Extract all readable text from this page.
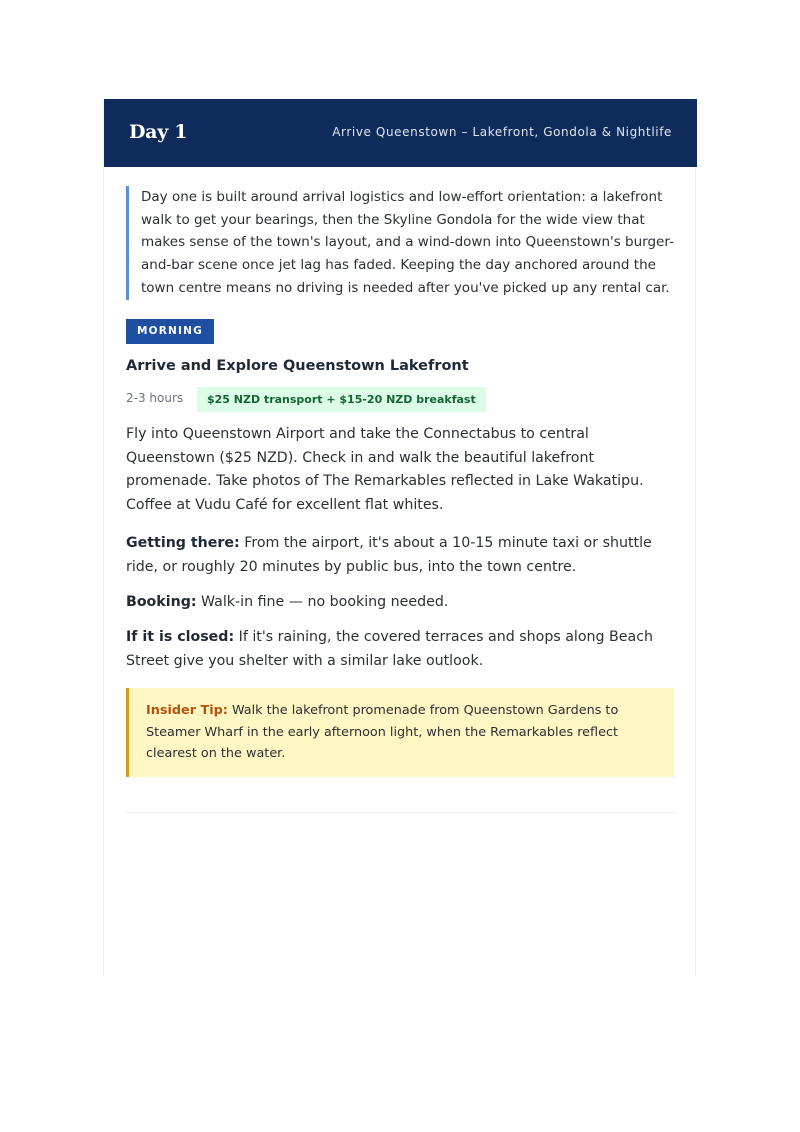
Day 1	Arrive Queenstown – Lakefront, Gondola & Nightlife
Day one is built around arrival logistics and low-effort orientation: a lakefront walk to get your bearings, then the Skyline Gondola for the wide view that makes sense of the town's layout, and a wind-down into Queenstown's burger-and-bar scene once jet lag has faded. Keeping the day anchored around the town centre means no driving is needed after you've picked up any rental car.
MORNING
Arrive and Explore Queenstown Lakefront
2-3 hours	$25 NZD transport + $15-20 NZD breakfast
Fly into Queenstown Airport and take the Connectabus to central Queenstown ($25 NZD). Check in and walk the beautiful lakefront promenade. Take photos of The Remarkables reflected in Lake Wakatipu. Coffee at Vudu Café for excellent flat whites.
Getting there: From the airport, it's about a 10-15 minute taxi or shuttle ride, or roughly 20 minutes by public bus, into the town centre.
Booking: Walk-in fine — no booking needed.
If it is closed: If it's raining, the covered terraces and shops along Beach Street give you shelter with a similar lake outlook.
Insider Tip: Walk the lakefront promenade from Queenstown Gardens to Steamer Wharf in the early afternoon light, when the Remarkables reflect clearest on the water.
